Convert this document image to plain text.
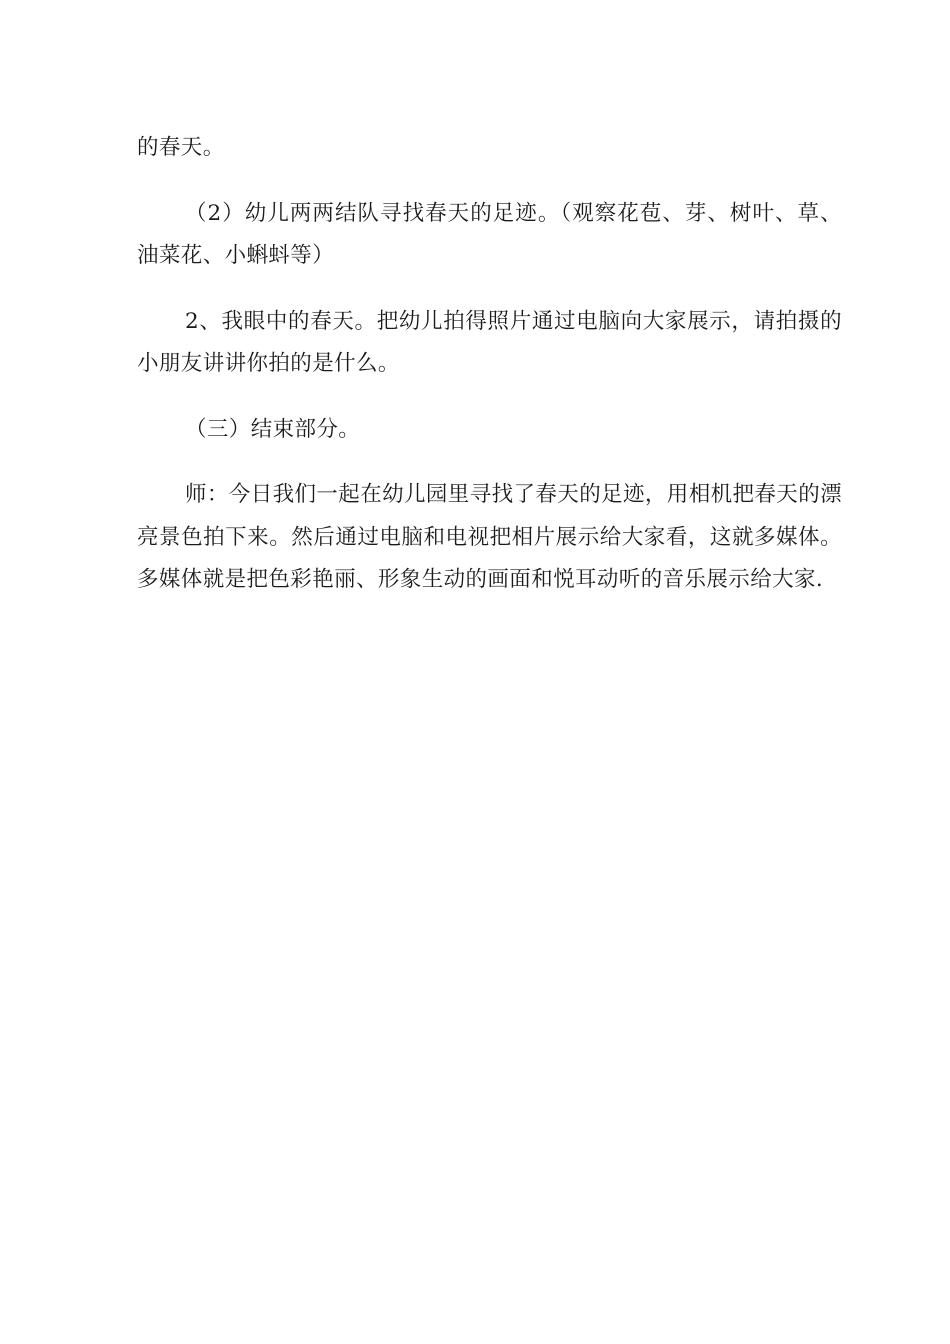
的春天。

（2）幼儿两两结队寻找春天的足迹。（观察花苞、芽、树叶、草、油菜花、小蝌蚪等）

2、我眼中的春天。把幼儿拍得照片通过电脑向大家展示，请拍摄的小朋友讲讲你拍的是什么。

（三）结束部分。

师：今日我们一起在幼儿园里寻找了春天的足迹，用相机把春天的漂亮景色拍下来。然后通过电脑和电视把相片展示给大家看，这就多媒体。多媒体就是把色彩艳丽、形象生动的画面和悦耳动听的音乐展示给大家.
